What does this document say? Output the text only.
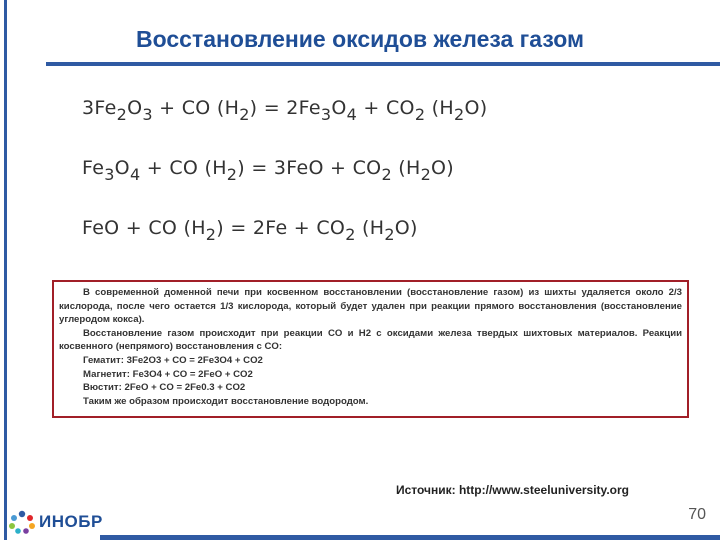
Восстановление оксидов железа газом
$3Fe_2O_3$ + CO $(H_2) = 2Fe_3O_4 + CO_2$ $(H_2O)$
$Fe_3O_4$ + CO $(H_2) = 3FeO + CO_2$ $(H_2O)$
FeO + CO $(H_2) = 2Fe + CO_2$ $(H_2O)$

В современной доменной печи при косвенном восстановлении (восстановление газом) из шихты удаляется около 2/3 кислорода, после чего остается 1/3 кислорода, который будет удален при реакции прямого восстановления (восстановление углеродом кокса).

Восстановление газом происходит при реакции CO и H2 с оксидами железа твердых шихтовых материалов. Реакции косвенного (непрямого) восстановления с CO:

Гематит: 3Fe2O3 + CO = 2Fe3O4 + CO2
Магнетит: Fe3O4 + CO = 2FeO + CO2
Вюстит: 2FeO + CO = 2Fe0.3 + CO2
Таким же образом происходит восстановление водородом.
Источник: http://www.steeluniversity.org
70
ИНОБР
